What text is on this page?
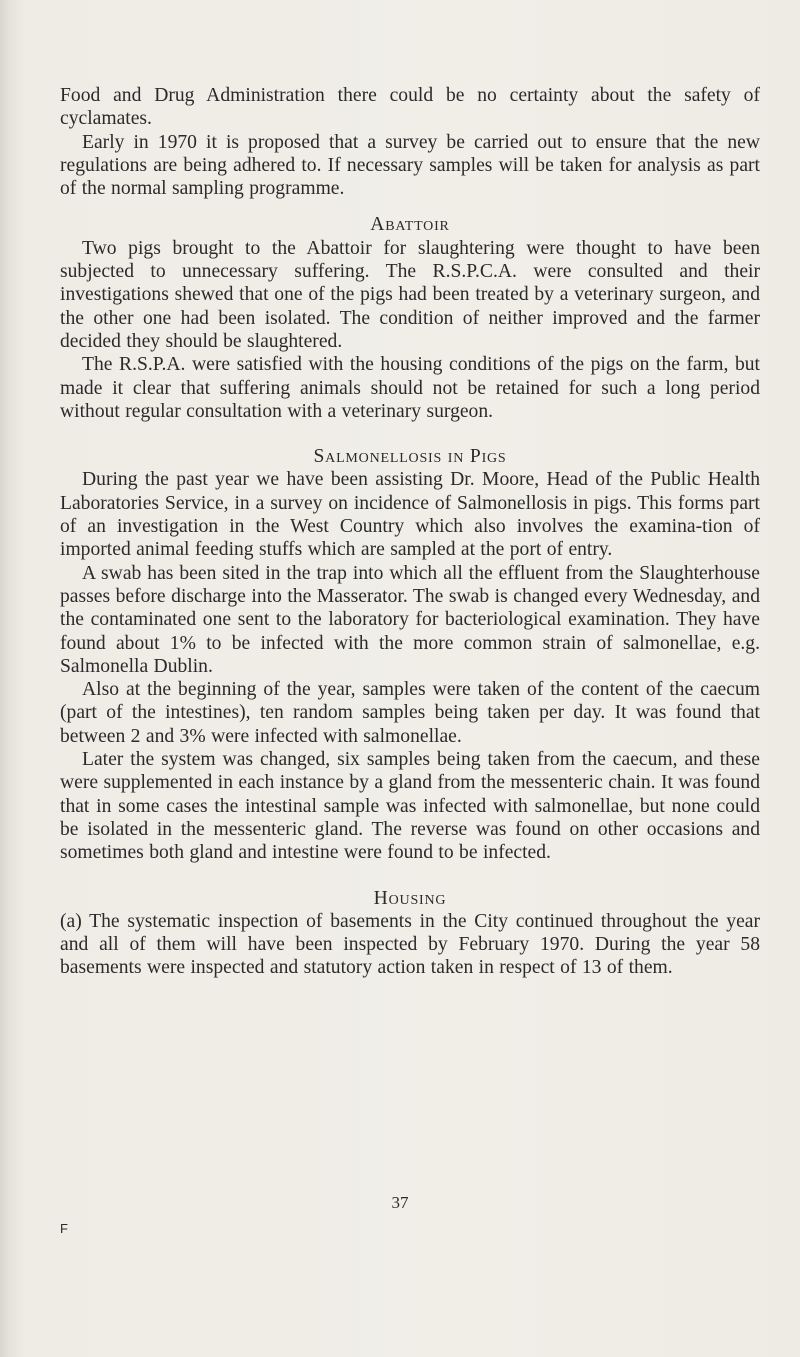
Food and Drug Administration there could be no certainty about the safety of cyclamates.

Early in 1970 it is proposed that a survey be carried out to ensure that the new regulations are being adhered to. If necessary samples will be taken for analysis as part of the normal sampling programme.

Abattoir

Two pigs brought to the Abattoir for slaughtering were thought to have been subjected to unnecessary suffering. The R.S.P.C.A. were consulted and their investigations shewed that one of the pigs had been treated by a veterinary surgeon, and the other one had been isolated. The condition of neither improved and the farmer decided they should be slaughtered.

The R.S.P.A. were satisfied with the housing conditions of the pigs on the farm, but made it clear that suffering animals should not be retained for such a long period without regular consultation with a veterinary surgeon.

Salmonellosis in Pigs

During the past year we have been assisting Dr. Moore, Head of the Public Health Laboratories Service, in a survey on incidence of Salmonellosis in pigs. This forms part of an investigation in the West Country which also involves the examina-tion of imported animal feeding stuffs which are sampled at the port of entry.

A swab has been sited in the trap into which all the effluent from the Slaughterhouse passes before discharge into the Masserator. The swab is changed every Wednesday, and the contaminated one sent to the laboratory for bacteriological examination. They have found about 1% to be infected with the more common strain of salmonellae, e.g. Salmonella Dublin.

Also at the beginning of the year, samples were taken of the content of the caecum (part of the intestines), ten random samples being taken per day. It was found that between 2 and 3% were infected with salmonellae.

Later the system was changed, six samples being taken from the caecum, and these were supplemented in each instance by a gland from the messenteric chain. It was found that in some cases the intestinal sample was infected with salmonellae, but none could be isolated in the messenteric gland. The reverse was found on other occasions and sometimes both gland and intestine were found to be infected.

Housing

(a) The systematic inspection of basements in the City continued throughout the year and all of them will have been inspected by February 1970. During the year 58 basements were inspected and statutory action taken in respect of 13 of them.

37
F
